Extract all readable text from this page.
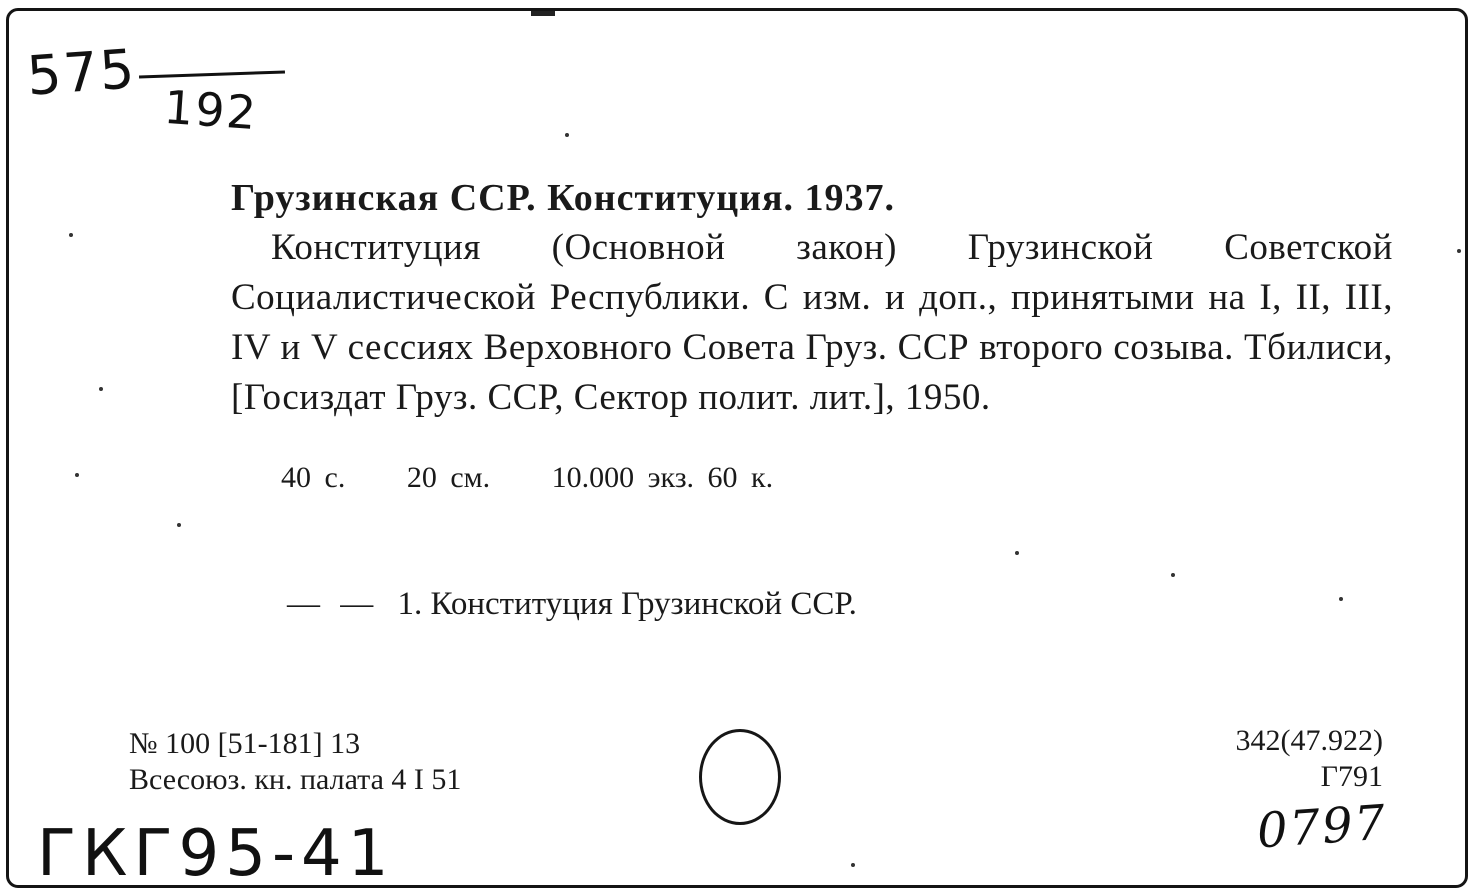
575
192
Грузинская ССР. Конституция. 1937.

Конституция (Основной закон) Грузинской Советской Социалистической Республики. С изм. и доп., принятыми на I, II, III, IV и V сессиях Верховного Совета Груз. ССР второго созыва. Тбилиси, [Госиздат Груз. ССР, Сектор полит. лит.], 1950.

40 с. 20 см. 10.000 экз. 60 к.
— — 1. Конституция Грузинской ССР.
№ 100 [51-181] 13
Всесоюз. кн. палата 4 I 51
342(47.922)
Г791
ГКГ95-41	0797
